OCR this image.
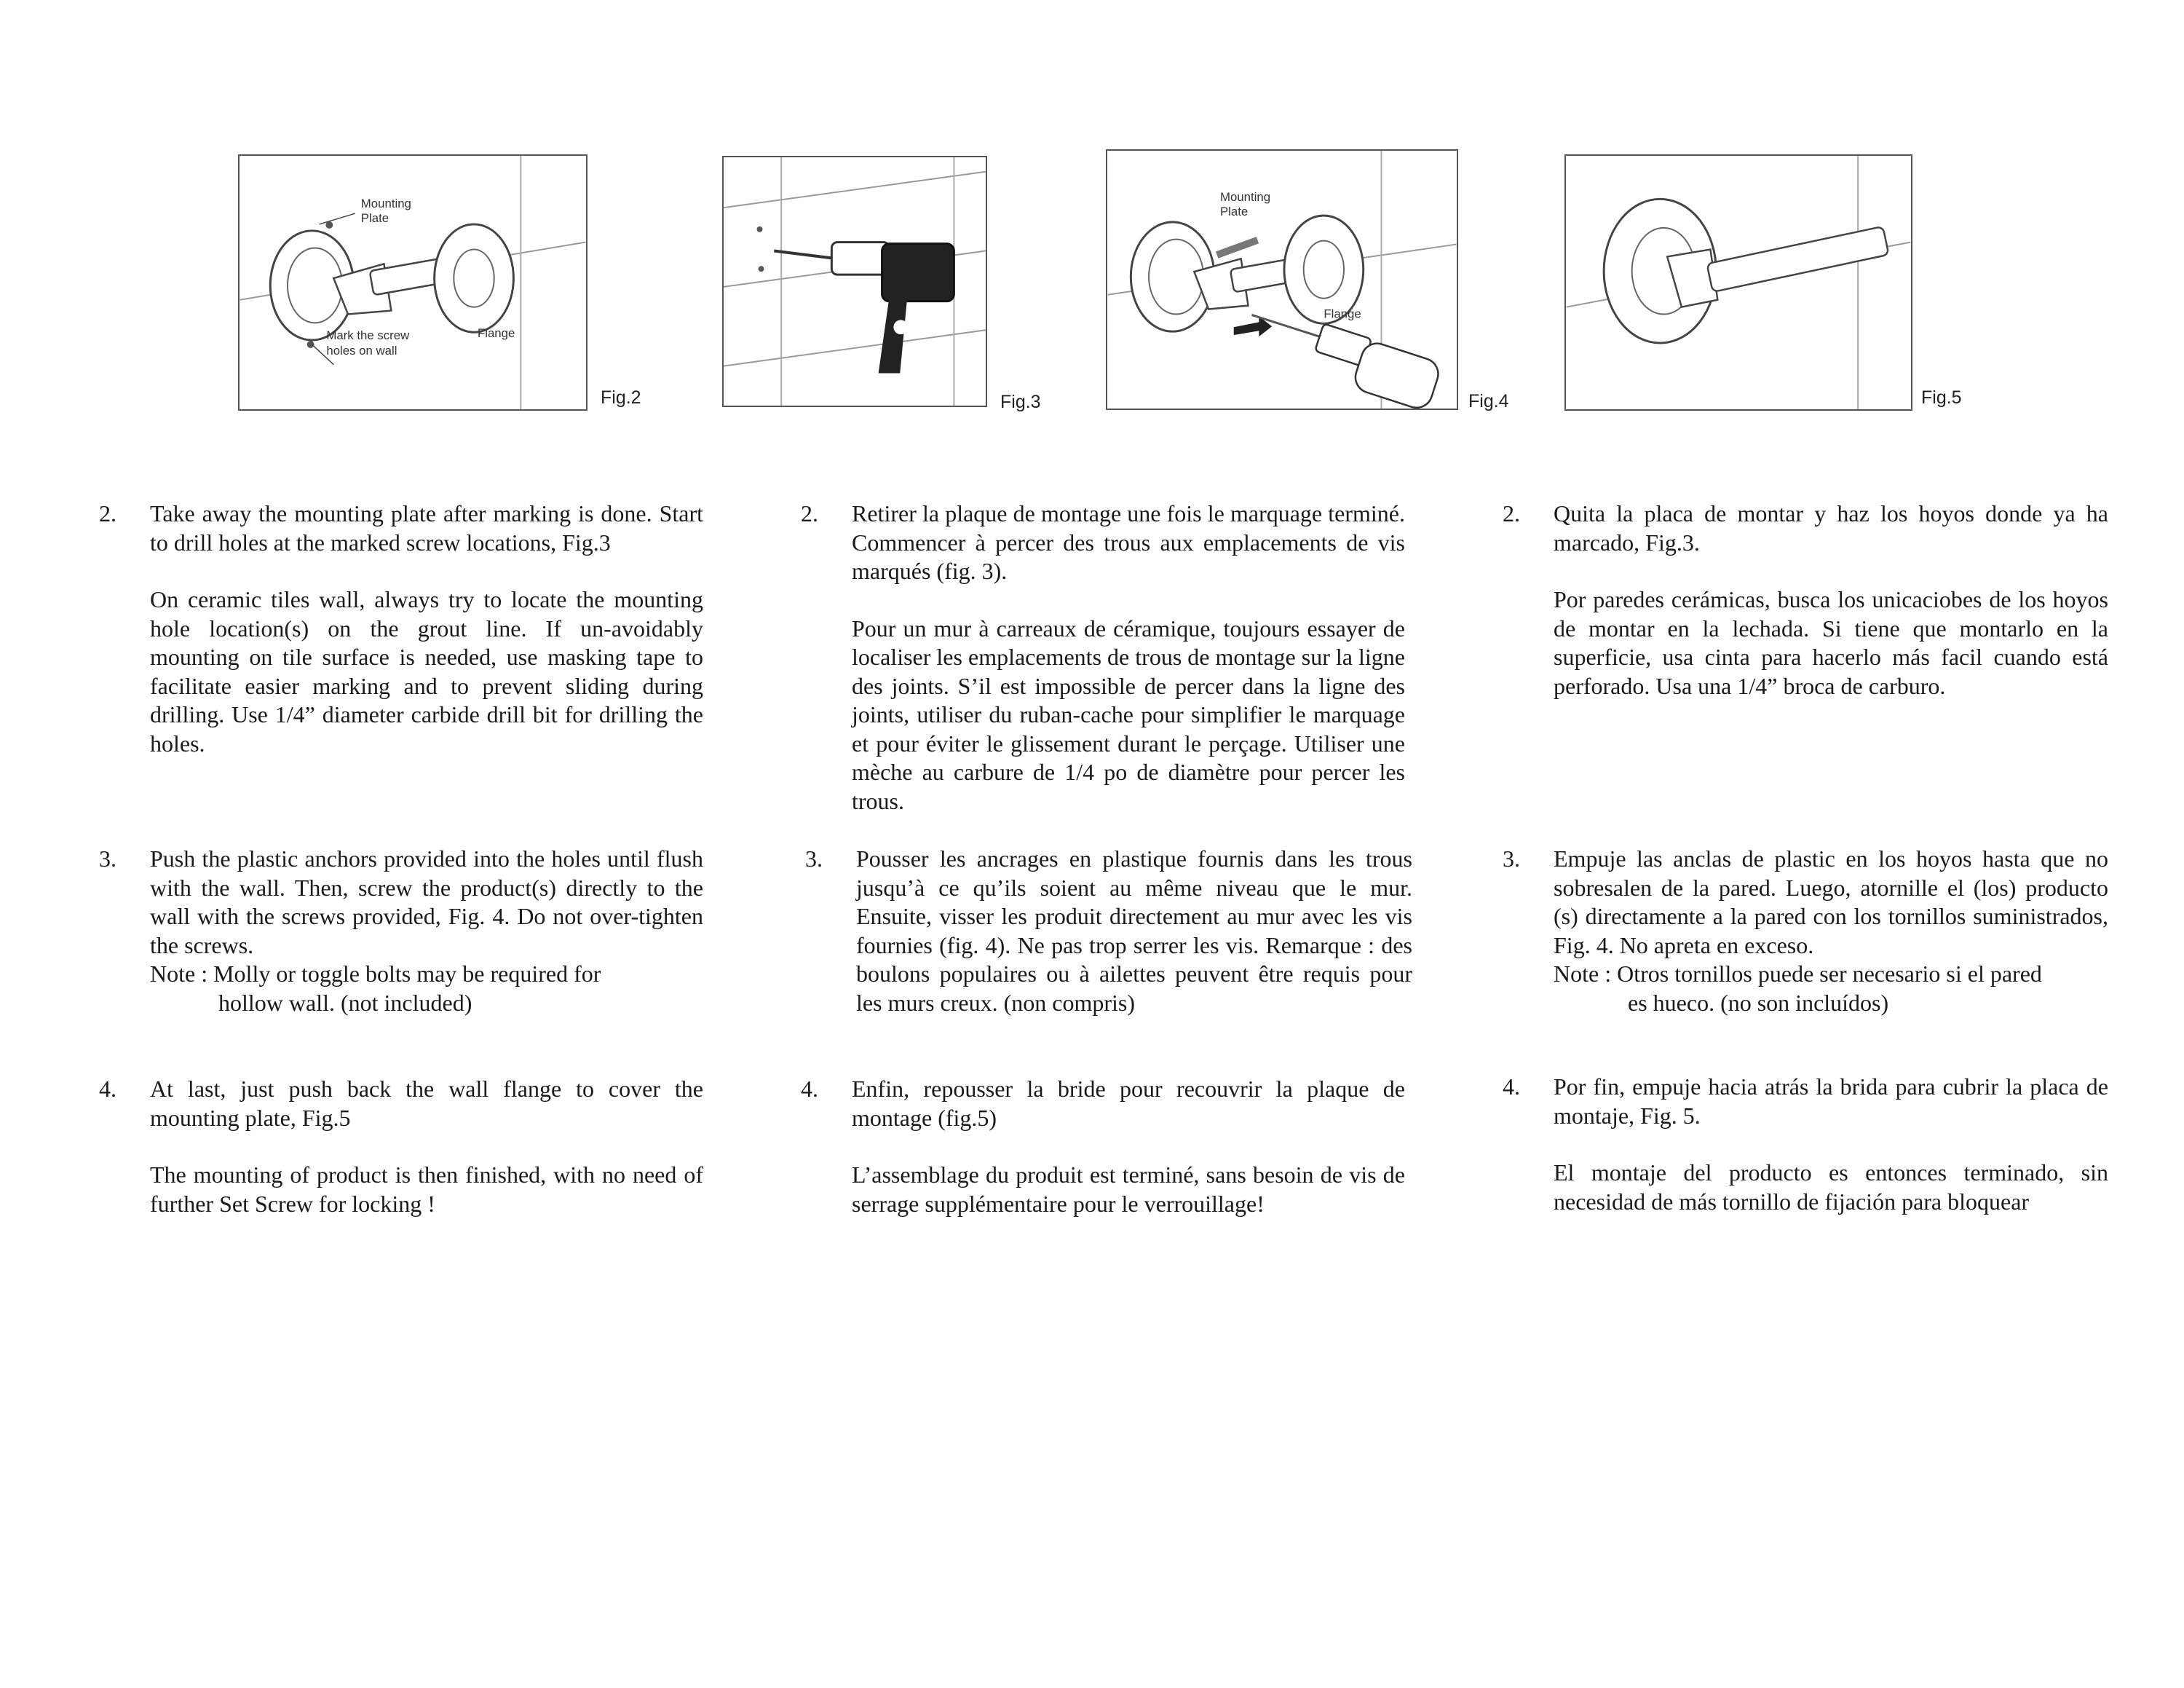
Mounting
Plate
Mark the screw
holes on wall
Flange
Fig.2	Fig.3
Mounting
Plate
Flange
Fig.4	Fig.5
2. Take away the mounting plate after marking is done. Start to drill holes at the marked screw locations, Fig.3

On ceramic tiles wall, always try to locate the mounting hole location(s) on the grout line. If un-avoidably mounting on tile surface is needed, use masking tape to facilitate easier marking and to prevent sliding during drilling. Use 1/4” diameter carbide drill bit for drilling the holes.

3. Push the plastic anchors provided into the holes until flush with the wall. Then, screw the product(s) directly to the wall with the screws provided, Fig. 4. Do not over-tighten the screws.

Note : Molly or toggle bolts may be required for
hollow wall. (not included)
4. At last, just push back the wall flange to cover the mounting plate, Fig.5

The mounting of product is then finished, with no need of further Set Screw for locking !

2. Retirer la plaque de montage une fois le marquage terminé. Commencer à percer des trous aux emplacements de vis marqués (fig. 3).

Pour un mur à carreaux de céramique, toujours essayer de localiser les emplacements de trous de montage sur la ligne des joints. S’il est impossible de percer dans la ligne des joints, utiliser du ruban-cache pour simplifier le marquage et pour éviter le glissement durant le perçage. Utiliser une mèche au carbure de 1/4 po de diamètre pour percer les trous.

3. Pousser les ancrages en plastique fournis dans les trous jusqu’à ce qu’ils soient au même niveau que le mur. Ensuite, visser les produit directement au mur avec les vis fournies (fig. 4). Ne pas trop serrer les vis. Remarque : des boulons populaires ou à ailettes peuvent être requis pour les murs creux. (non compris)

4. Enfin, repousser la bride pour recouvrir la plaque de montage (fig.5)

L’assemblage du produit est terminé, sans besoin de vis de serrage supplémentaire pour le verrouillage!

2. Quita la placa de montar y haz los hoyos donde ya ha marcado, Fig.3.

Por paredes cerámicas, busca los unicaciobes de los hoyos de montar en la lechada. Si tiene que montarlo en la superficie, usa cinta para hacerlo más facil cuando está perforado. Usa una 1/4” broca de carburo.

3. Empuje las anclas de plastic en los hoyos hasta que no sobresalen de la pared. Luego, atornille el (los) producto (s) directamente a la pared con los tornillos suministrados, Fig. 4. No apreta en exceso.

Note : Otros tornillos puede ser necesario si el pared
es hueco. (no son incluídos)
4. Por fin, empuje hacia atrás la brida para cubrir la placa de montaje, Fig. 5.

El montaje del producto es entonces terminado, sin necesidad de más tornillo de fijación para bloquear
